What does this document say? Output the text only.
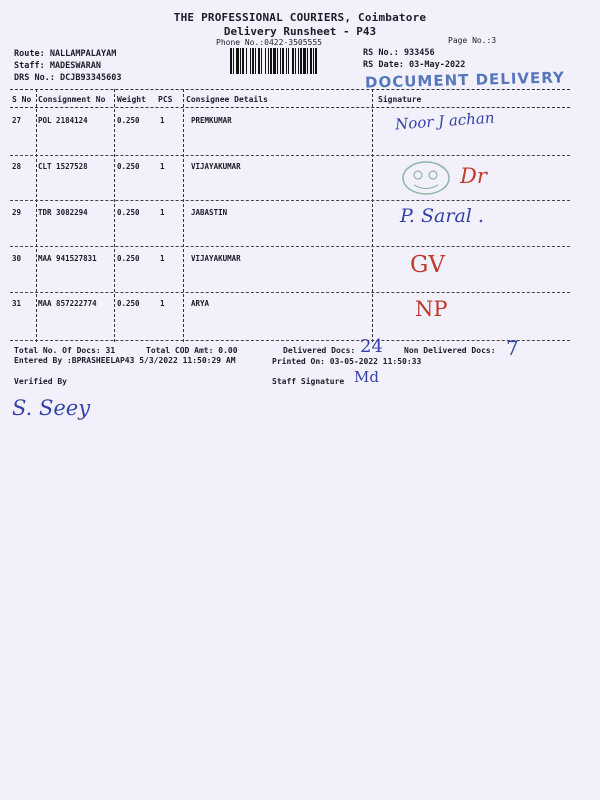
THE PROFESSIONAL COURIERS, Coimbatore
Delivery Runsheet - P43
Phone No.:0422-3505555	Page No.:3
Route: NALLAMPALAYAM
Staff: MADESWARAN
DRS No.: DCJB93345603
RS No.: 933456
RS Date: 03-May-2022
DOCUMENT DELIVERY
S No Consignment No Weight PCS Consignee Details	Signature
27 POL 2184124	0.250	1	PREMKUMAR	Noor J achan
28 CLT 1527528	0.250	1	VIJAYAKUMAR	Dr
29 TDR 3082294	0.250	1	JABASTIN	P. Saral .
30 MAA 941527831	0.250	1	VIJAYAKUMAR	GV
31 MAA 857222774	0.250	1	ARYA	NP
Total No. Of Docs: 31	Total COD Amt: 0.00	Delivered Docs: 24	Non Delivered Docs: 7
Entered By :BPRASHEELAP43 5/3/2022 11:50:29 AM	Printed On: 03-05-2022 11:50:33
Verified By	Staff Signature Md
S. Seey
